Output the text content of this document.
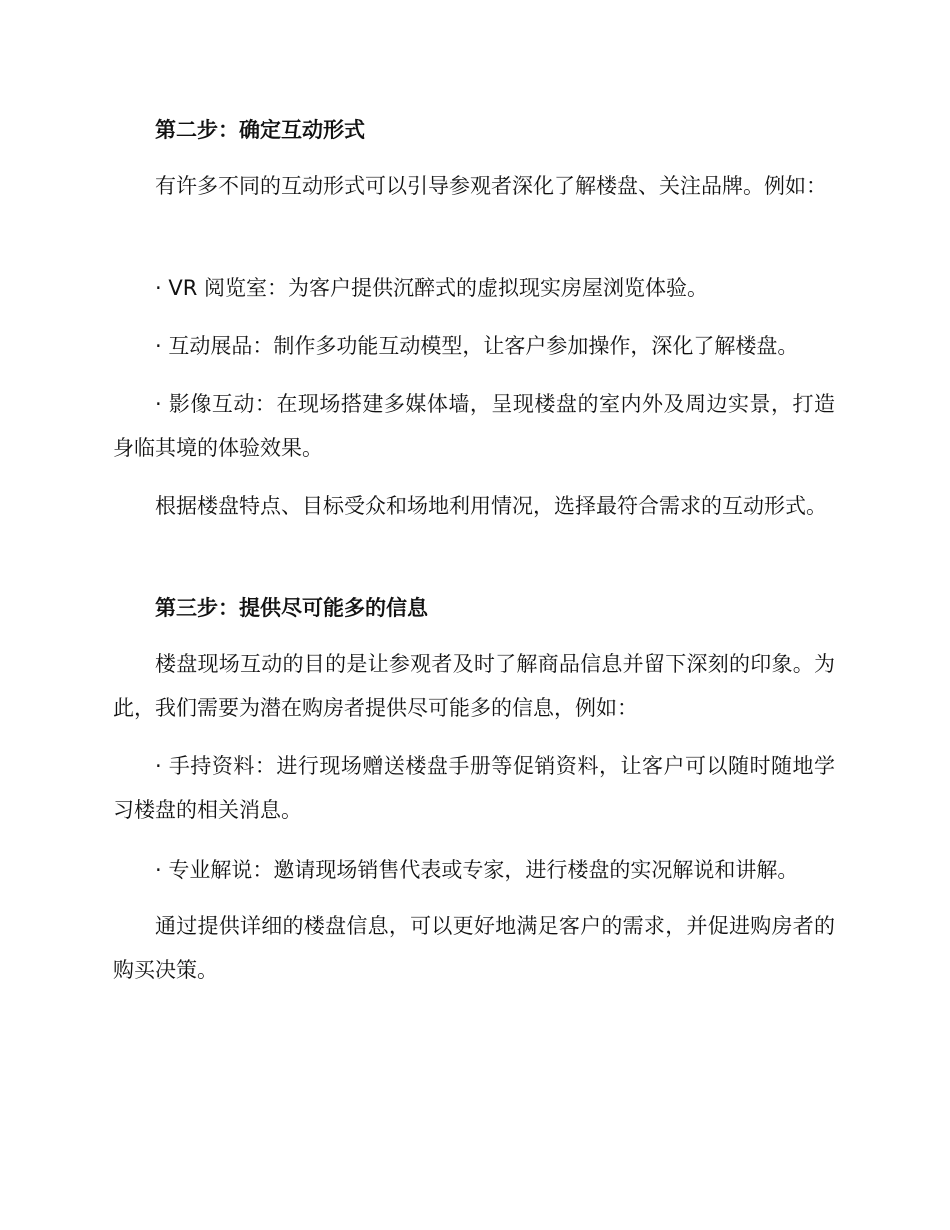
第二步：确定互动形式

有许多不同的互动形式可以引导参观者深化了解楼盘、关注品牌。例如：

· VR 阅览室：为客户提供沉醉式的虚拟现实房屋浏览体验。

· 互动展品：制作多功能互动模型，让客户参加操作，深化了解楼盘。

· 影像互动：在现场搭建多媒体墙，呈现楼盘的室内外及周边实景，打造身临其境的体验效果。

根据楼盘特点、目标受众和场地利用情况，选择最符合需求的互动形式。

第三步：提供尽可能多的信息

楼盘现场互动的目的是让参观者及时了解商品信息并留下深刻的印象。为此，我们需要为潜在购房者提供尽可能多的信息，例如：

· 手持资料：进行现场赠送楼盘手册等促销资料，让客户可以随时随地学习楼盘的相关消息。

· 专业解说：邀请现场销售代表或专家，进行楼盘的实况解说和讲解。

通过提供详细的楼盘信息，可以更好地满足客户的需求，并促进购房者的购买决策。
